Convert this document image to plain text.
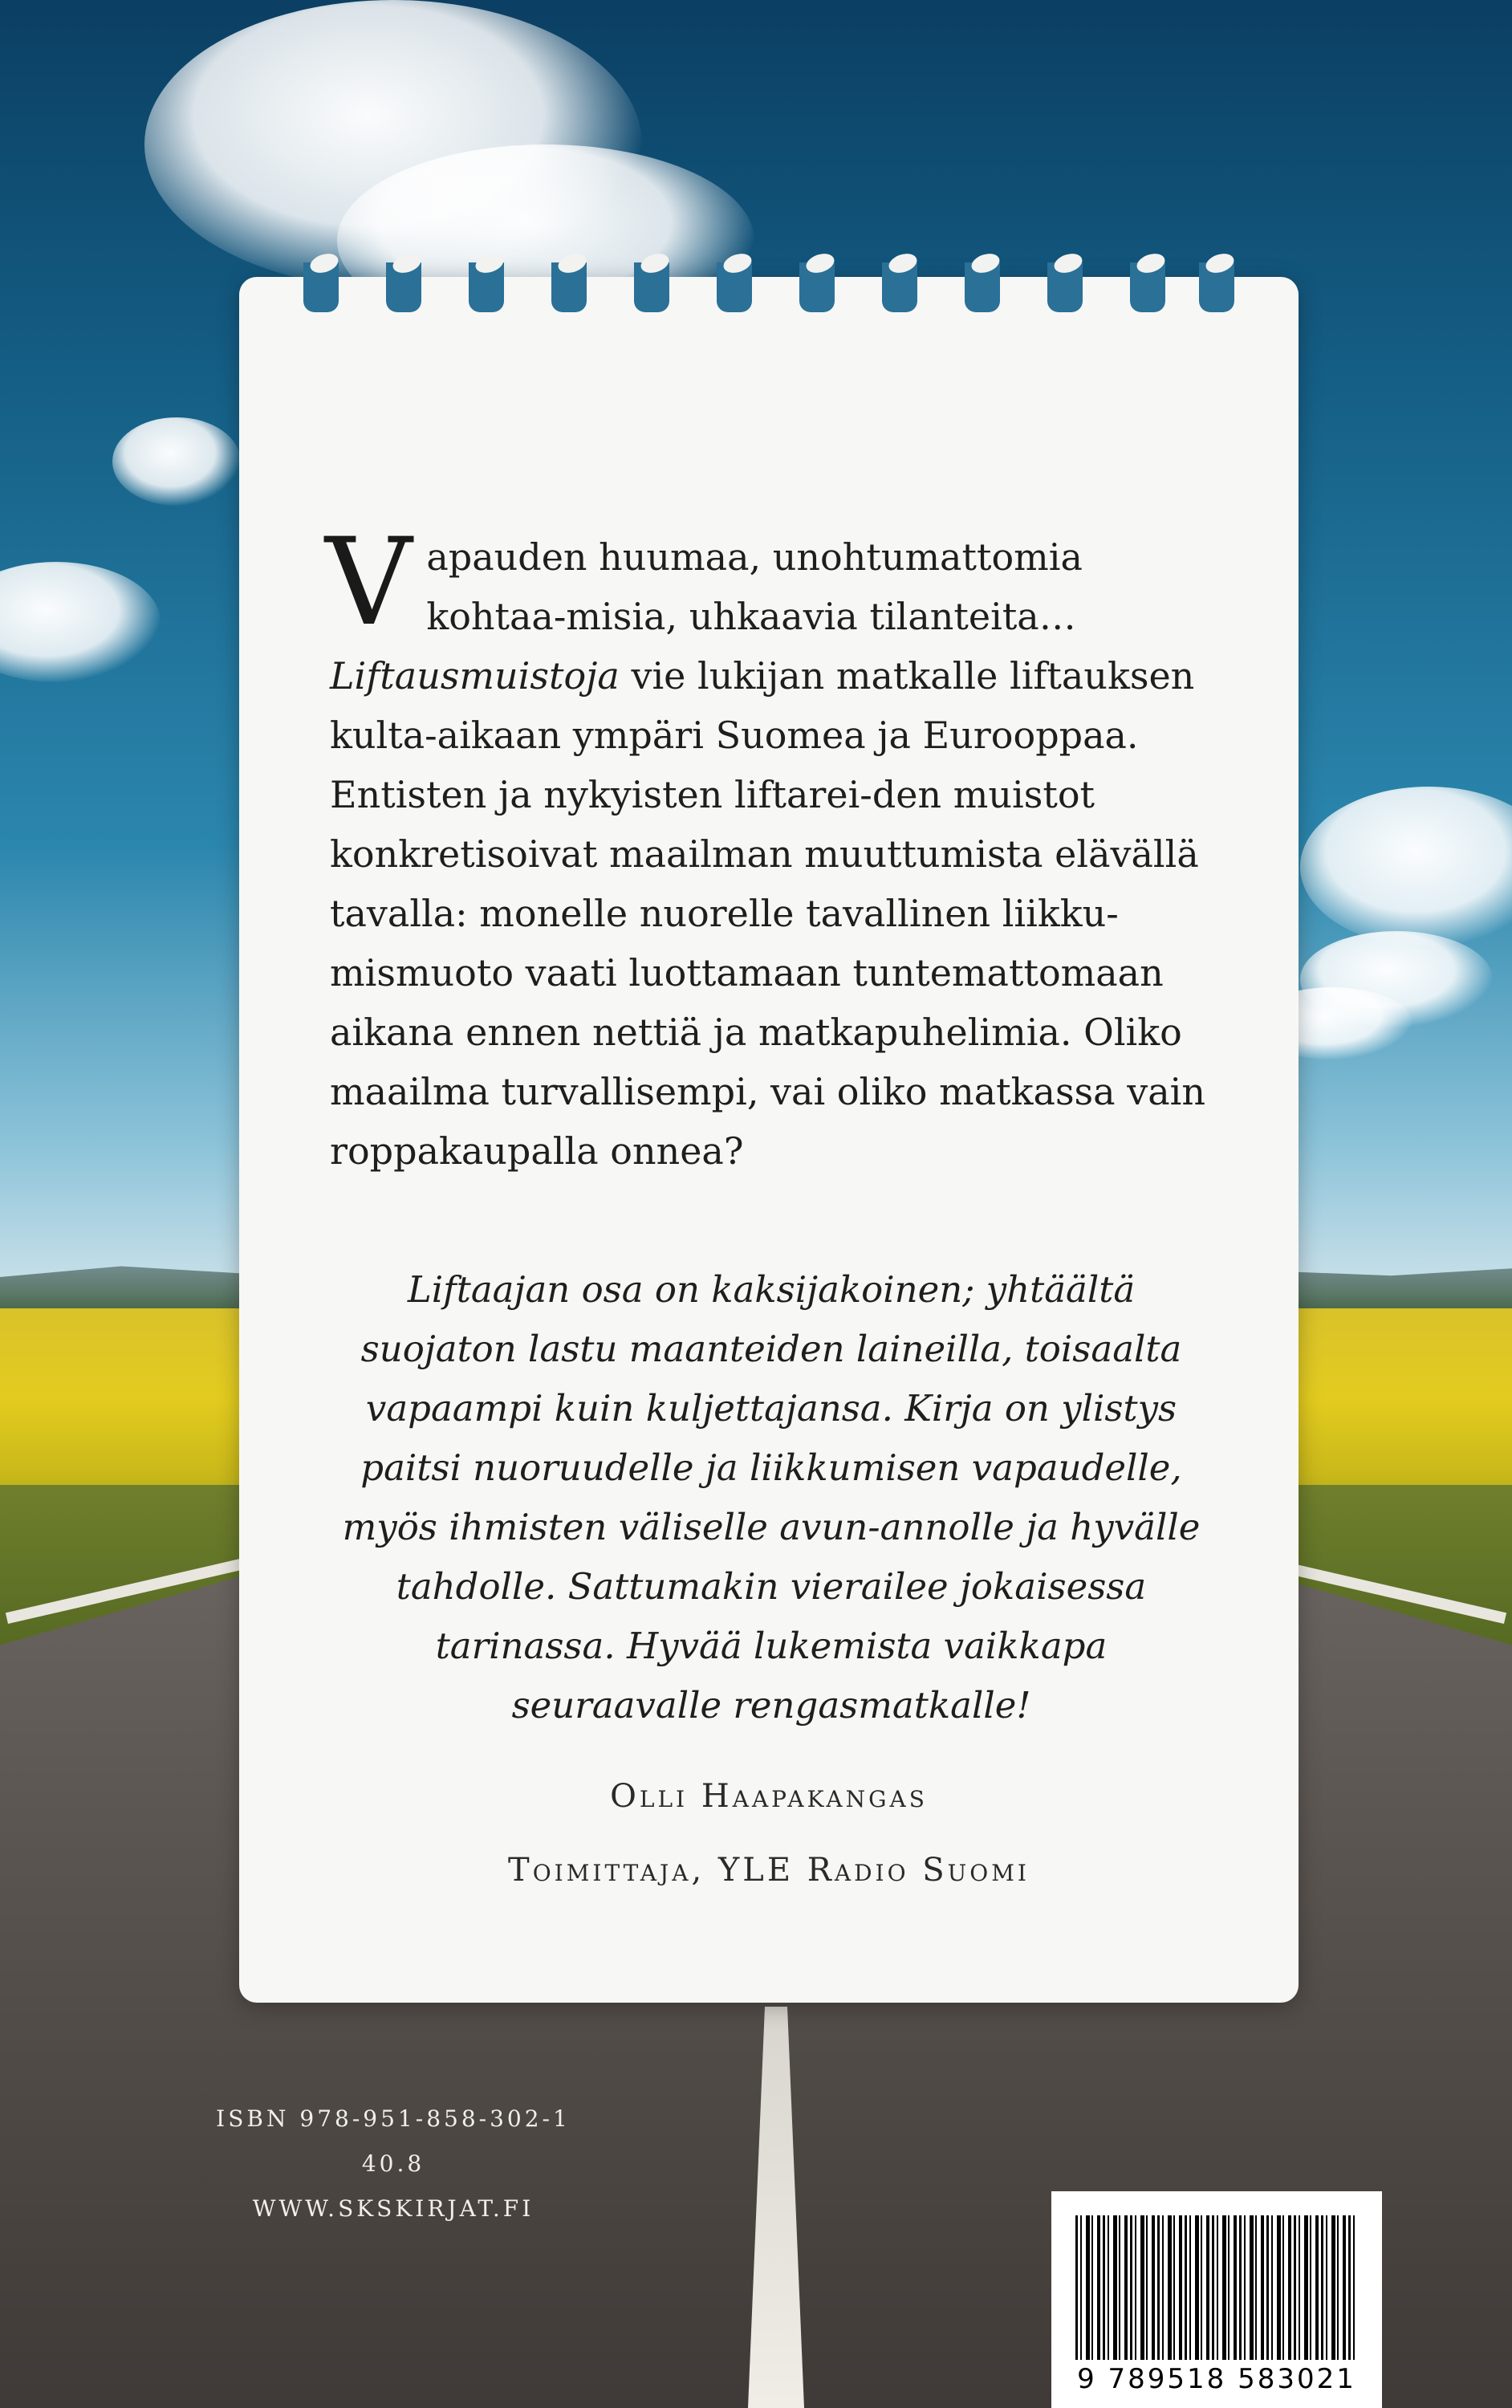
Vapauden huumaa, unohtumattomia kohtaa-misia, uhkaavia tilanteita… Liftausmuistoja vie lukijan matkalle liftauksen kulta-aikaan ympäri Suomea ja Eurooppaa. Entisten ja nykyisten liftarei-den muistot konkretisoivat maailman muuttumista elävällä tavalla: monelle nuorelle tavallinen liikku-mismuoto vaati luottamaan tuntemattomaan aikana ennen nettiä ja matkapuhelimia. Oliko maailma turvallisempi, vai oliko matkassa vain roppakaupalla onnea?

Liftaajan osa on kaksijakoinen; yhtäältä suojaton lastu maanteiden laineilla, toisaalta vapaampi kuin kuljettajansa. Kirja on ylistys paitsi nuoruudelle ja liikkumisen vapaudelle, myös ihmisten väliselle avun-annolle ja hyvälle tahdolle. Sattumakin vierailee jokaisessa tarinassa. Hyvää lukemista vaikkapa seuraavalle rengasmatkalle!

Olli Haapakangas
Toimittaja, YLE Radio Suomi
ISBN 978-951-858-302-1
40.8
WWW.SKSKIRJAT.FI
9 789518 583021
